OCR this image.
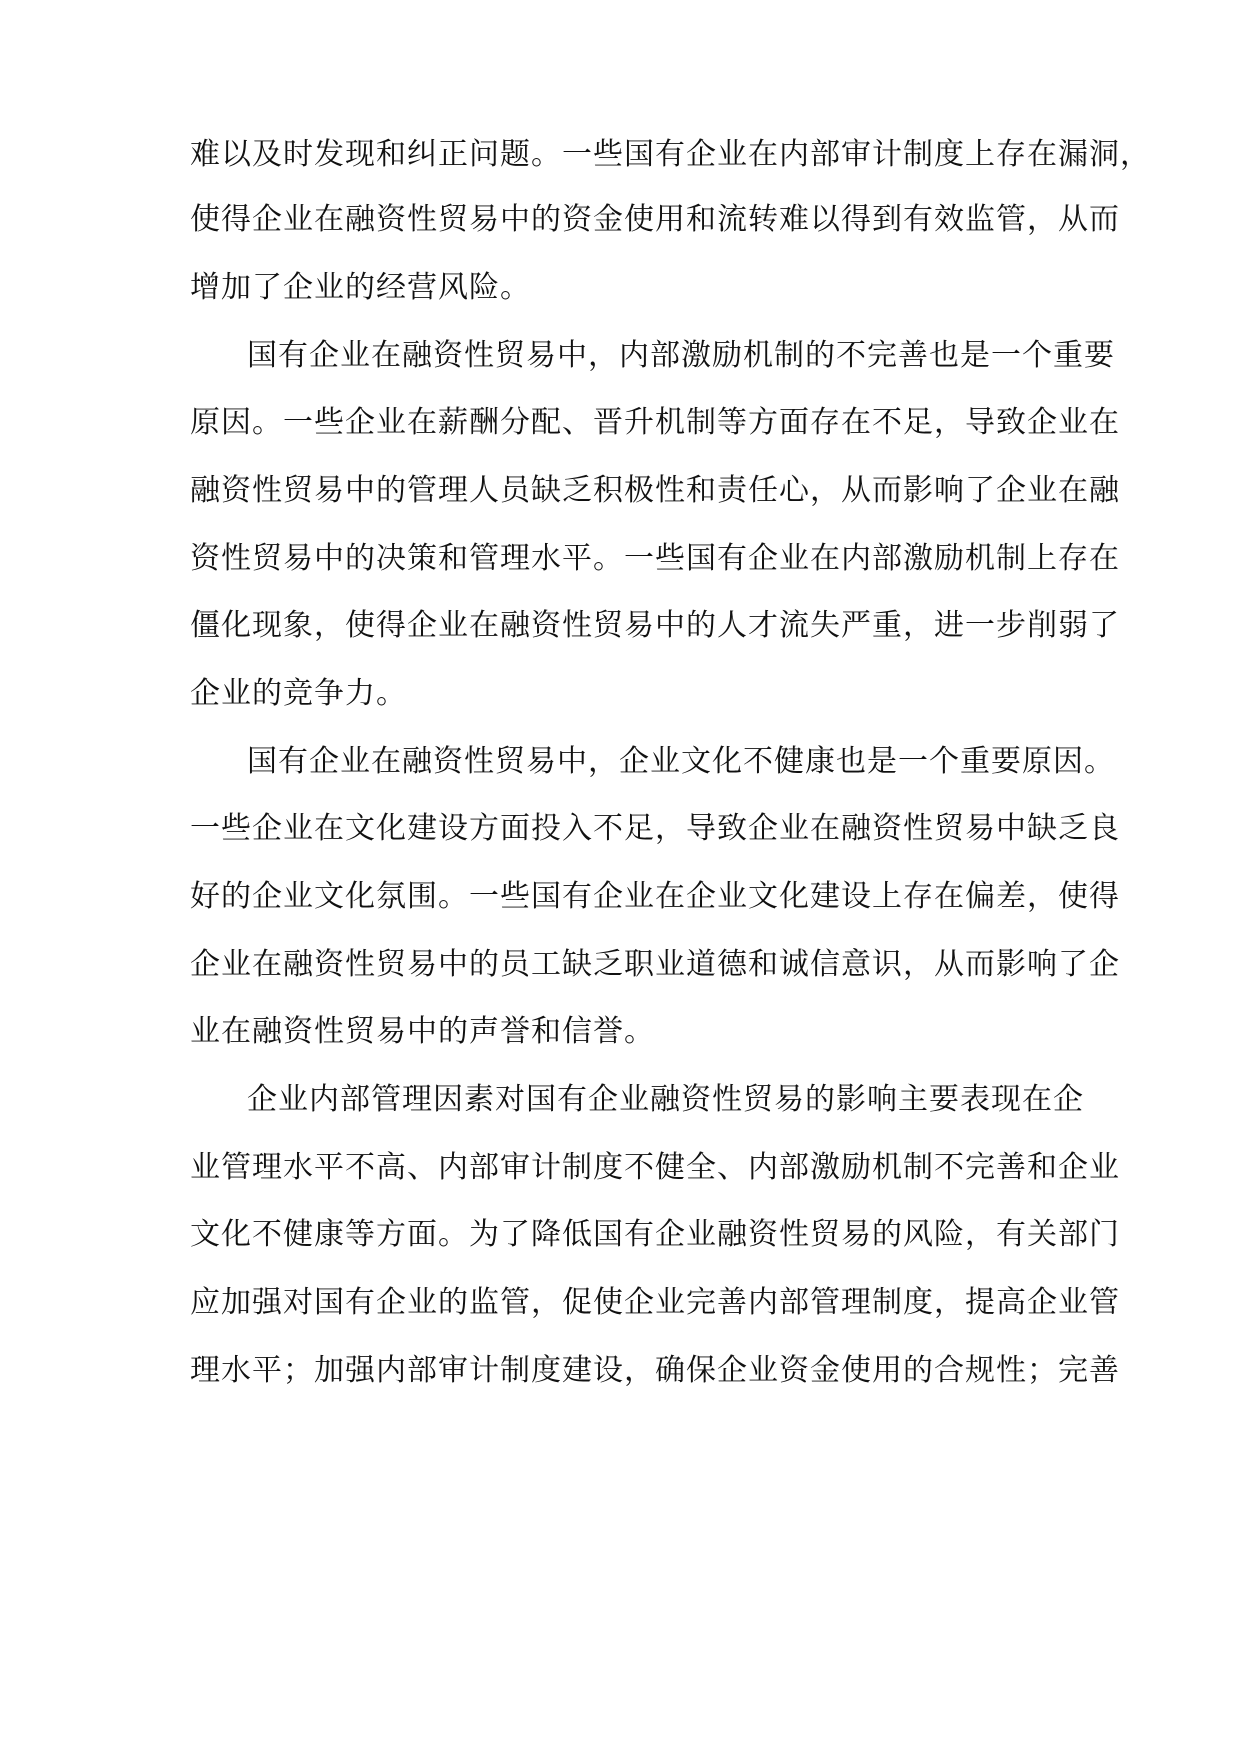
难以及时发现和纠正问题。一些国有企业在内部审计制度上存在漏洞，
使得企业在融资性贸易中的资金使用和流转难以得到有效监管，从而
增加了企业的经营风险。
国有企业在融资性贸易中，内部激励机制的不完善也是一个重要
原因。一些企业在薪酬分配、晋升机制等方面存在不足，导致企业在
融资性贸易中的管理人员缺乏积极性和责任心，从而影响了企业在融
资性贸易中的决策和管理水平。一些国有企业在内部激励机制上存在
僵化现象，使得企业在融资性贸易中的人才流失严重，进一步削弱了
企业的竞争力。
国有企业在融资性贸易中，企业文化不健康也是一个重要原因。
一些企业在文化建设方面投入不足，导致企业在融资性贸易中缺乏良
好的企业文化氛围。一些国有企业在企业文化建设上存在偏差，使得
企业在融资性贸易中的员工缺乏职业道德和诚信意识，从而影响了企
业在融资性贸易中的声誉和信誉。
企业内部管理因素对国有企业融资性贸易的影响主要表现在企
业管理水平不高、内部审计制度不健全、内部激励机制不完善和企业
文化不健康等方面。为了降低国有企业融资性贸易的风险，有关部门
应加强对国有企业的监管，促使企业完善内部管理制度，提高企业管
理水平；加强内部审计制度建设，确保企业资金使用的合规性；完善
